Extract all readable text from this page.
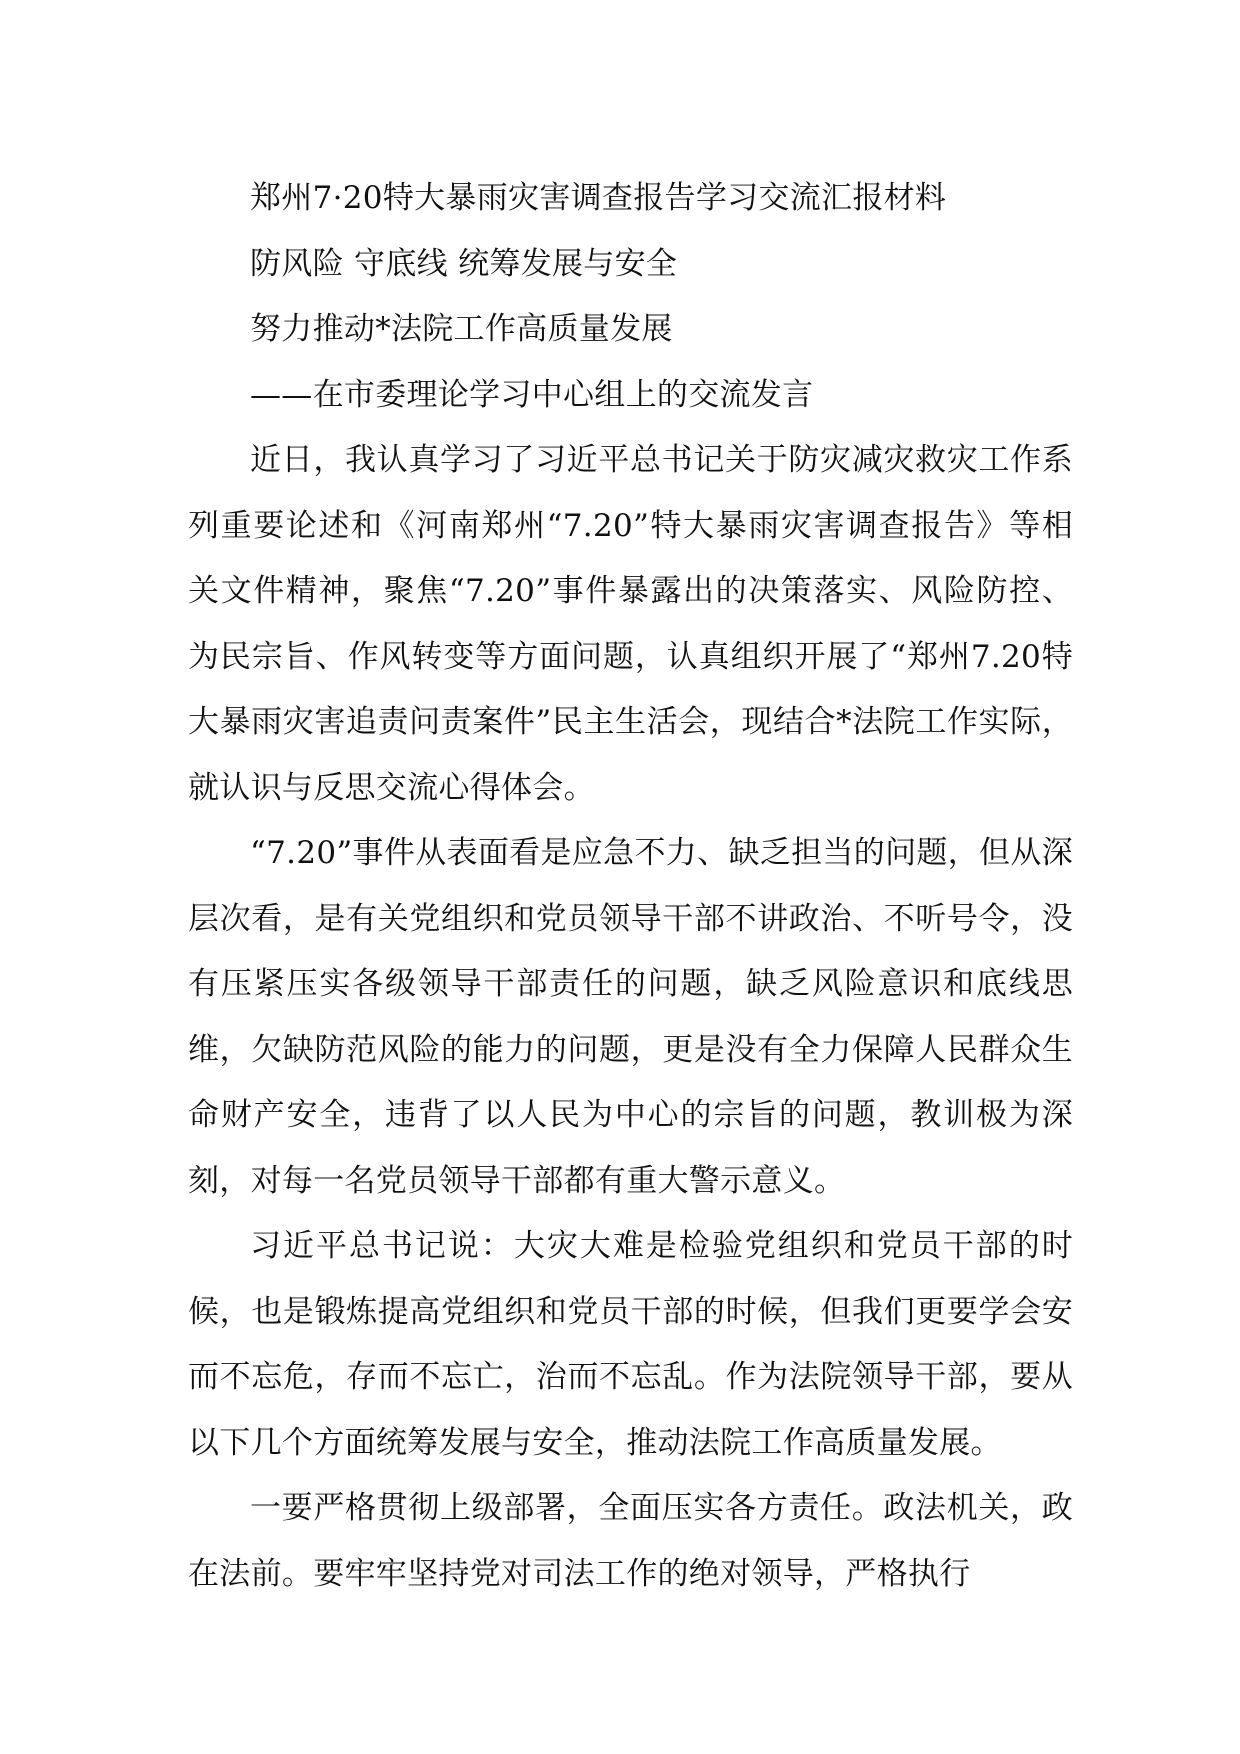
郑州7·20特大暴雨灾害调查报告学习交流汇报材料

防风险 守底线 统筹发展与安全

努力推动*法院工作高质量发展

——在市委理论学习中心组上的交流发言

近日，我认真学习了习近平总书记关于防灾减灾救灾工作系列重要论述和《河南郑州“7.20”特大暴雨灾害调查报告》等相关文件精神，聚焦“7.20”事件暴露出的决策落实、风险防控、为民宗旨、作风转变等方面问题，认真组织开展了“郑州7.20特大暴雨灾害追责问责案件”民主生活会，现结合*法院工作实际，就认识与反思交流心得体会。

“7.20”事件从表面看是应急不力、缺乏担当的问题，但从深层次看，是有关党组织和党员领导干部不讲政治、不听号令，没有压紧压实各级领导干部责任的问题，缺乏风险意识和底线思维，欠缺防范风险的能力的问题，更是没有全力保障人民群众生命财产安全，违背了以人民为中心的宗旨的问题，教训极为深刻，对每一名党员领导干部都有重大警示意义。

习近平总书记说：大灾大难是检验党组织和党员干部的时候，也是锻炼提高党组织和党员干部的时候，但我们更要学会安而不忘危，存而不忘亡，治而不忘乱。作为法院领导干部，要从以下几个方面统筹发展与安全，推动法院工作高质量发展。

一要严格贯彻上级部署，全面压实各方责任。政法机关，政在法前。要牢牢坚持党对司法工作的绝对领导，严格执行
